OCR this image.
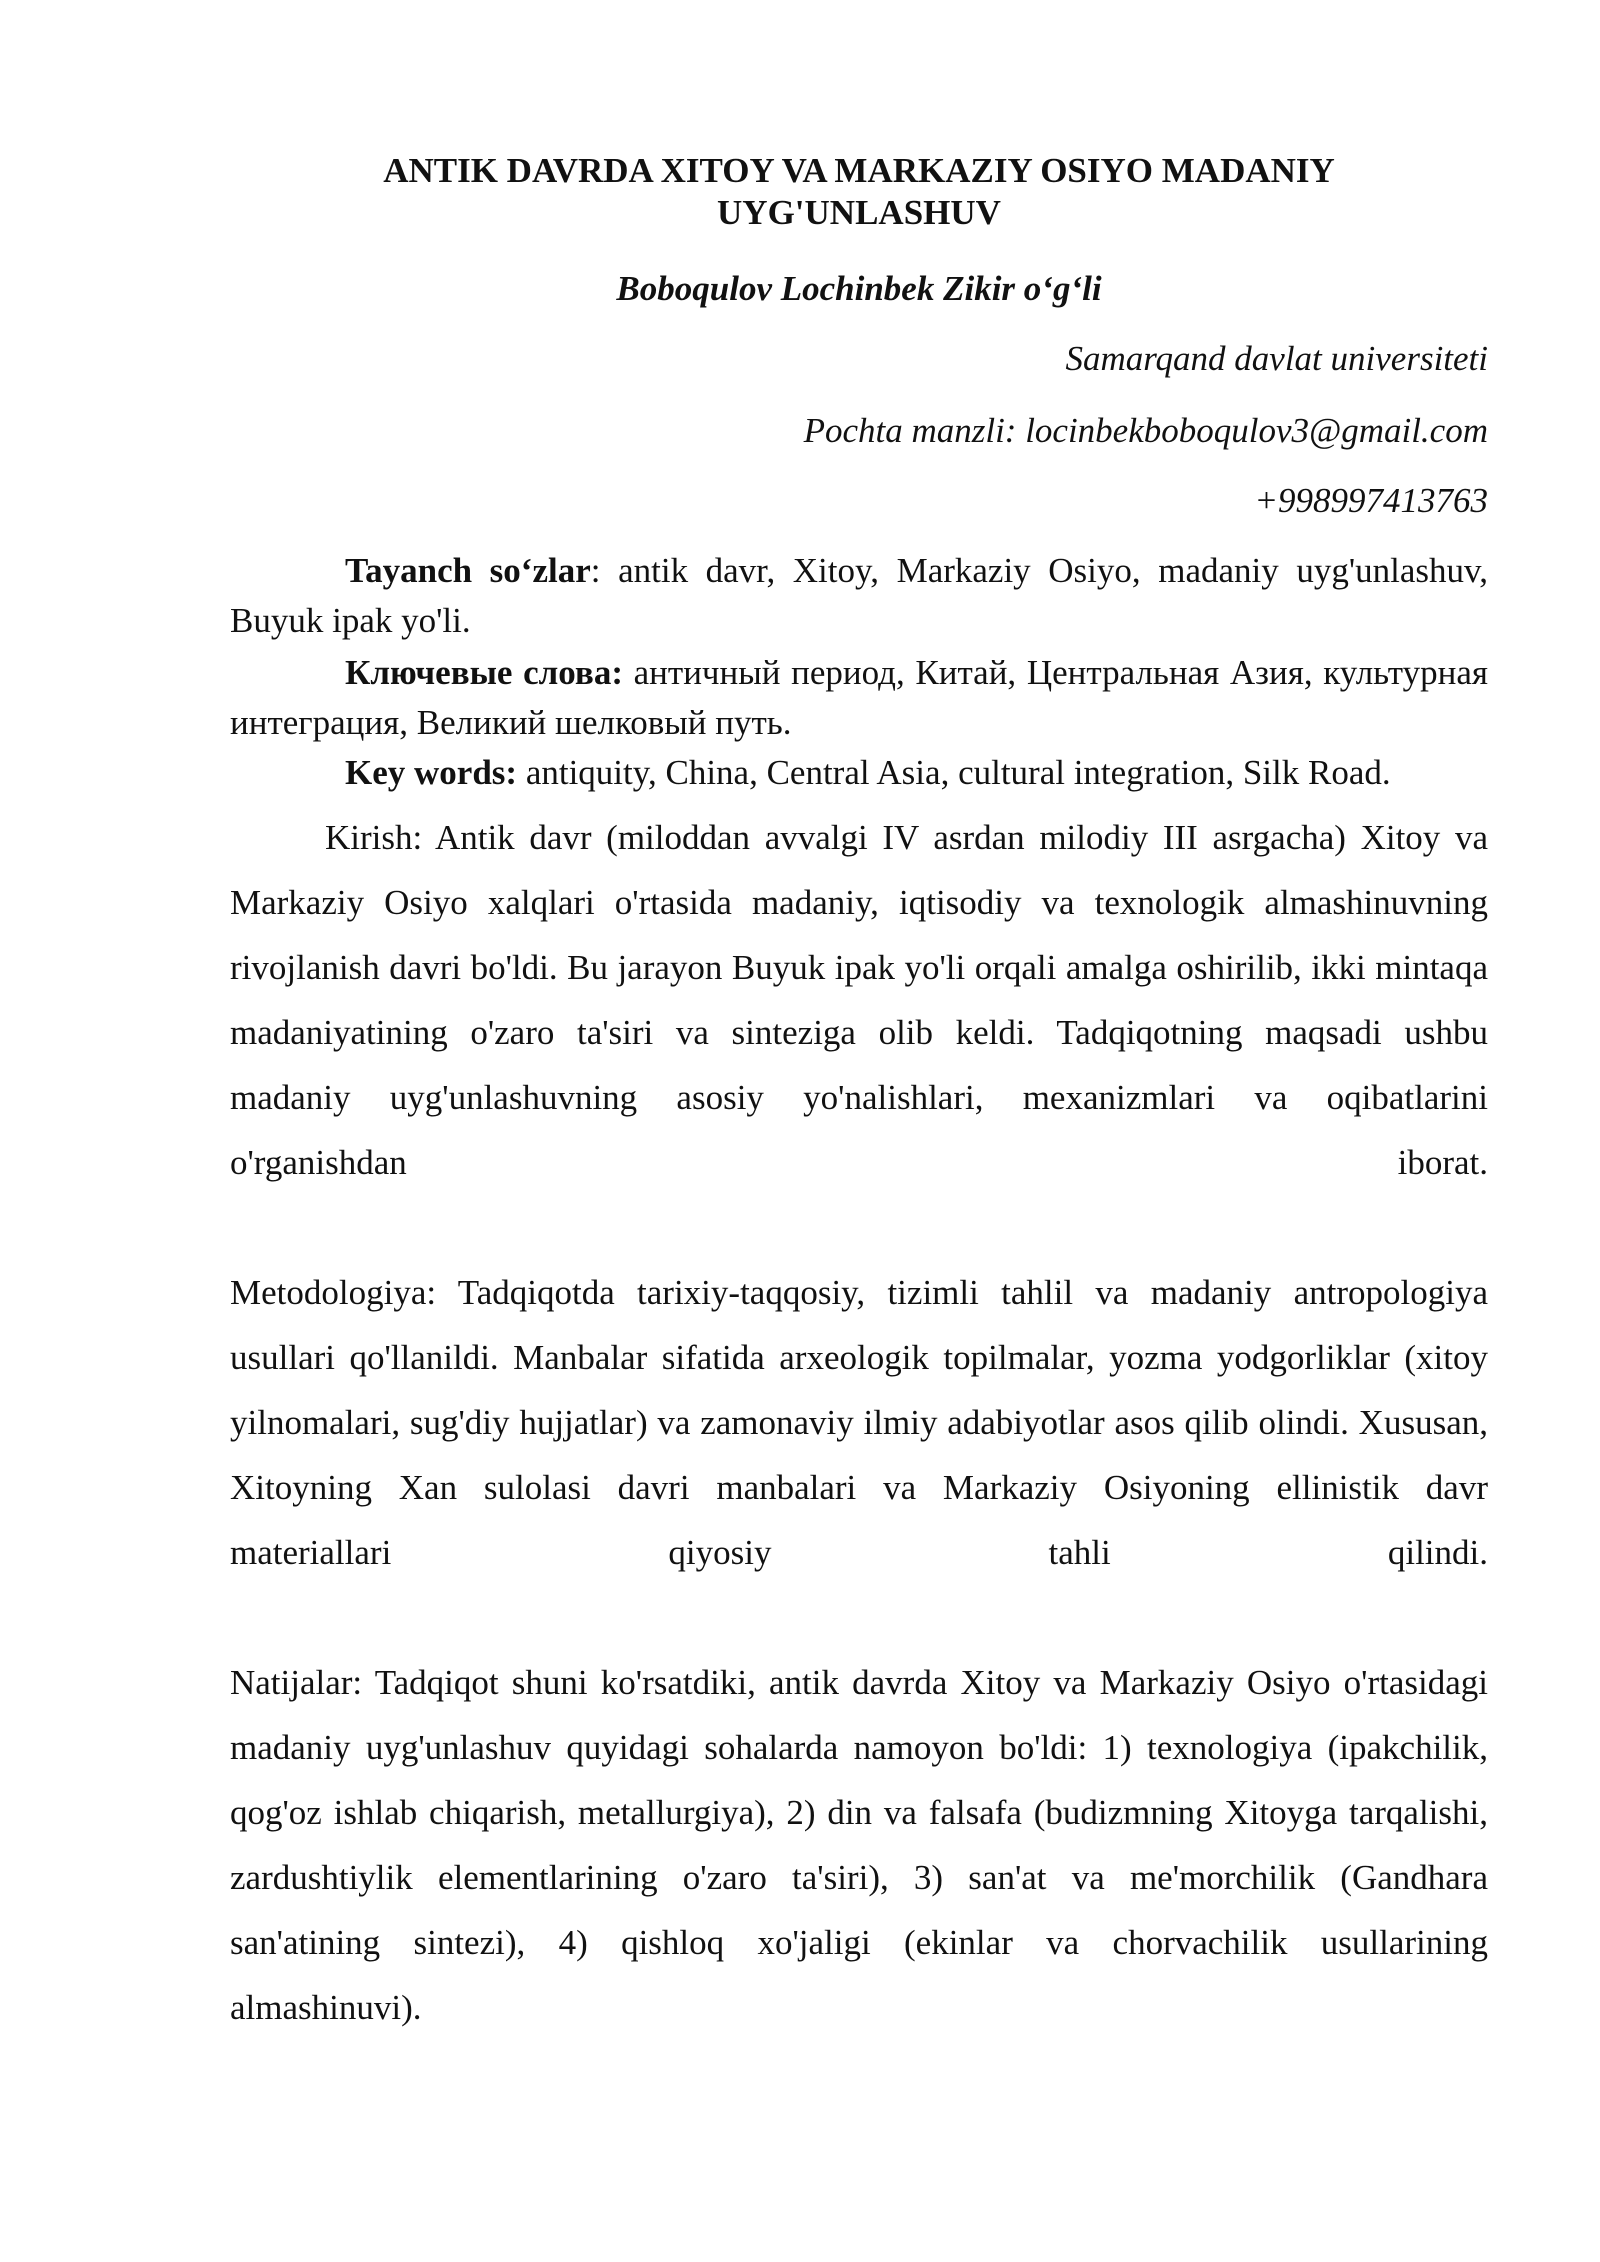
ANTIK DAVRDA XITOY VA MARKAZIY OSIYO MADANIY
UYG'UNLASHUV
Boboqulov Lochinbek Zikir o‘g‘li
Samarqand davlat universiteti
Pochta manzli: locinbekboboqulov3@gmail.com
+998997413763
Tayanch so‘zlar: antik davr, Xitoy, Markaziy Osiyo, madaniy uyg'unlashuv, Buyuk ipak yo'li.
Ключевые слова: античный период, Китай, Центральная Азия, культурная интеграция, Великий шелковый путь.
Key words: antiquity, China, Central Asia, cultural integration, Silk Road.

Kirish: Antik davr (miloddan avvalgi IV asrdan milodiy III asrgacha) Xitoy va Markaziy Osiyo xalqlari o'rtasida madaniy, iqtisodiy va texnologik almashinuvning rivojlanish davri bo'ldi. Bu jarayon Buyuk ipak yo'li orqali amalga oshirilib, ikki mintaqa madaniyatining o'zaro ta'siri va sinteziga olib keldi. Tadqiqotning maqsadi ushbu madaniy uyg'unlashuvning asosiy yo'nalishlari, mexanizmlari va oqibatlarini o'rganishdan iborat.

Metodologiya: Tadqiqotda tarixiy-taqqosiy, tizimli tahlil va madaniy antropologiya usullari qo'llanildi. Manbalar sifatida arxeologik topilmalar, yozma yodgorliklar (xitoy yilnomalari, sug'diy hujjatlar) va zamonaviy ilmiy adabiyotlar asos qilib olindi. Xususan, Xitoyning Xan sulolasi davri manbalari va Markaziy Osiyoning ellinistik davr materiallari qiyosiy tahli qilindi.

Natijalar: Tadqiqot shuni ko'rsatdiki, antik davrda Xitoy va Markaziy Osiyo o'rtasidagi madaniy uyg'unlashuv quyidagi sohalarda namoyon bo'ldi: 1) texnologiya (ipakchilik, qog'oz ishlab chiqarish, metallurgiya), 2) din va falsafa (budizmning Xitoyga tarqalishi, zardushtiylik elementlarining o'zaro ta'siri), 3) san'at va me'morchilik (Gandhara san'atining sintezi), 4) qishloq xo'jaligi (ekinlar va chorvachilik usullarining almashinuvi).
